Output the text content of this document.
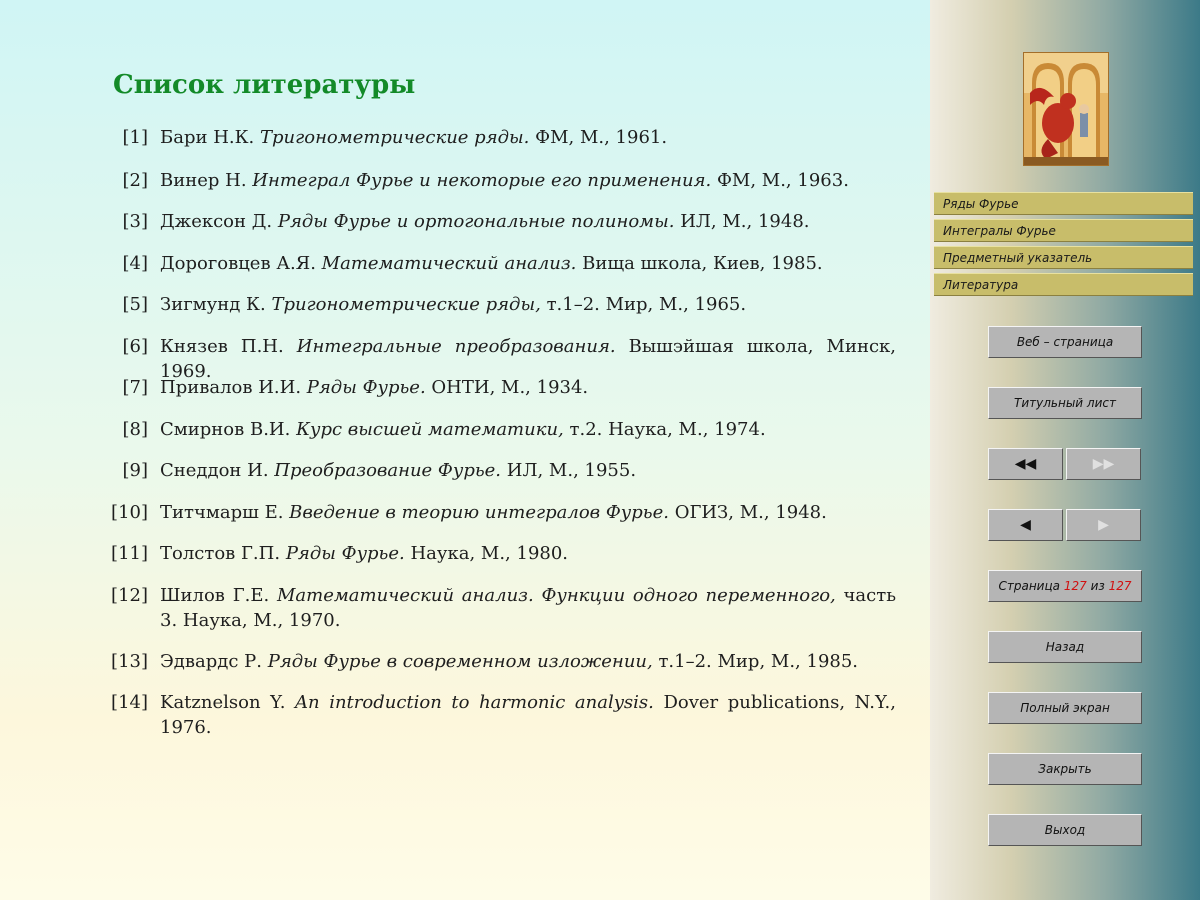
Список литературы
[1] Бари Н.К. Тригонометрические ряды. ФМ, М., 1961.
[2] Винер Н. Интеграл Фурье и некоторые его применения. ФМ, М., 1963.
[3] Джексон Д. Ряды Фурье и ортогональные полиномы. ИЛ, М., 1948.
[4] Дороговцев А.Я. Математический анализ. Вища школа, Киев, 1985.
[5] Зигмунд К. Тригонометрические ряды, т.1–2. Мир, М., 1965.
[6] Князев П.Н. Интегральные преобразования. Вышэйшая школа, Минск, 1969.
[7] Привалов И.И. Ряды Фурье. ОНТИ, М., 1934.
[8] Смирнов В.И. Курс высшей математики, т.2. Наука, М., 1974.
[9] Снеддон И. Преобразование Фурье. ИЛ, М., 1955.
[10] Титчмарш Е. Введение в теорию интегралов Фурье. ОГИЗ, М., 1948.
[11] Толстов Г.П. Ряды Фурье. Наука, М., 1980.
[12] Шилов Г.Е. Математический анализ. Функции одного переменного, часть 3. Наука, М., 1970.
[13] Эдвардс Р. Ряды Фурье в современном изложении, т.1–2. Мир, М., 1985.
[14] Katznelson Y. An introduction to harmonic analysis. Dover publications, N.Y., 1976.
Ряды Фурье
Интегралы Фурье
Предметный указатель
Литература
Веб – страница
Титульный лист
◀◀	▶▶
◀	▶
Страница
127
из
127
Назад
Полный экран
Закрыть
Выход
